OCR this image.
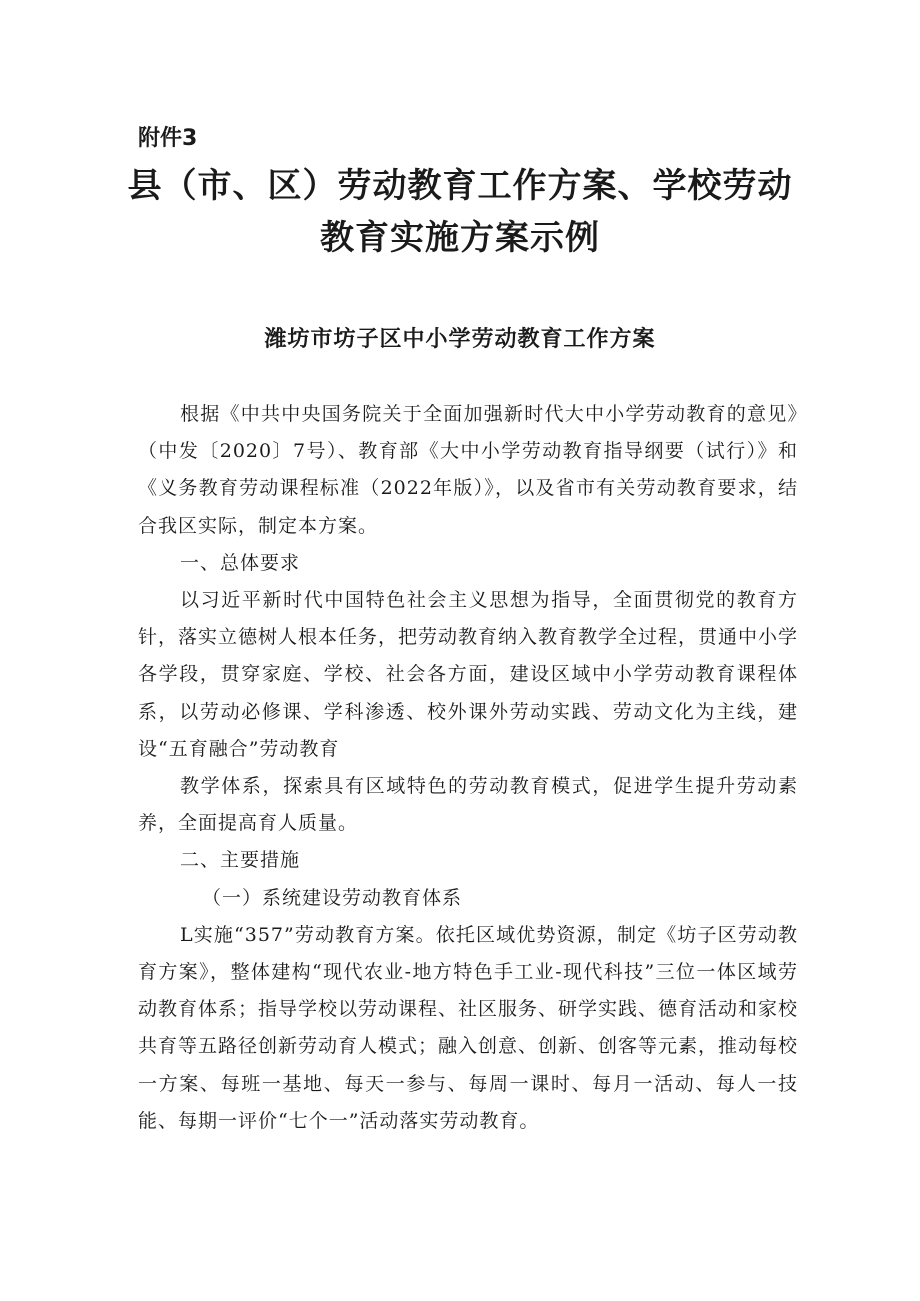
附件3
县（市、区）劳动教育工作方案、学校劳动
教育实施方案示例
潍坊市坊子区中小学劳动教育工作方案

根据《中共中央国务院关于全面加强新时代大中小学劳动教育的意见》（中发〔2020〕7号）、教育部《大中小学劳动教育指导纲要（试行）》和《义务教育劳动课程标准（2022年版）》，以及省市有关劳动教育要求，结合我区实际，制定本方案。

一、总体要求

以习近平新时代中国特色社会主义思想为指导，全面贯彻党的教育方针，落实立德树人根本任务，把劳动教育纳入教育教学全过程，贯通中小学各学段，贯穿家庭、学校、社会各方面，建设区域中小学劳动教育课程体系，以劳动必修课、学科渗透、校外课外劳动实践、劳动文化为主线，建设“五育融合”劳动教育

教学体系，探索具有区域特色的劳动教育模式，促进学生提升劳动素养，全面提高育人质量。

二、主要措施

（一）系统建设劳动教育体系

L实施“357”劳动教育方案。依托区域优势资源，制定《坊子区劳动教育方案》，整体建构“现代农业-地方特色手工业-现代科技”三位一体区域劳动教育体系；指导学校以劳动课程、社区服务、研学实践、德育活动和家校共育等五路径创新劳动育人模式；融入创意、创新、创客等元素，推动每校一方案、每班一基地、每天一参与、每周一课时、每月一活动、每人一技能、每期一评价“七个一”活动落实劳动教育。
